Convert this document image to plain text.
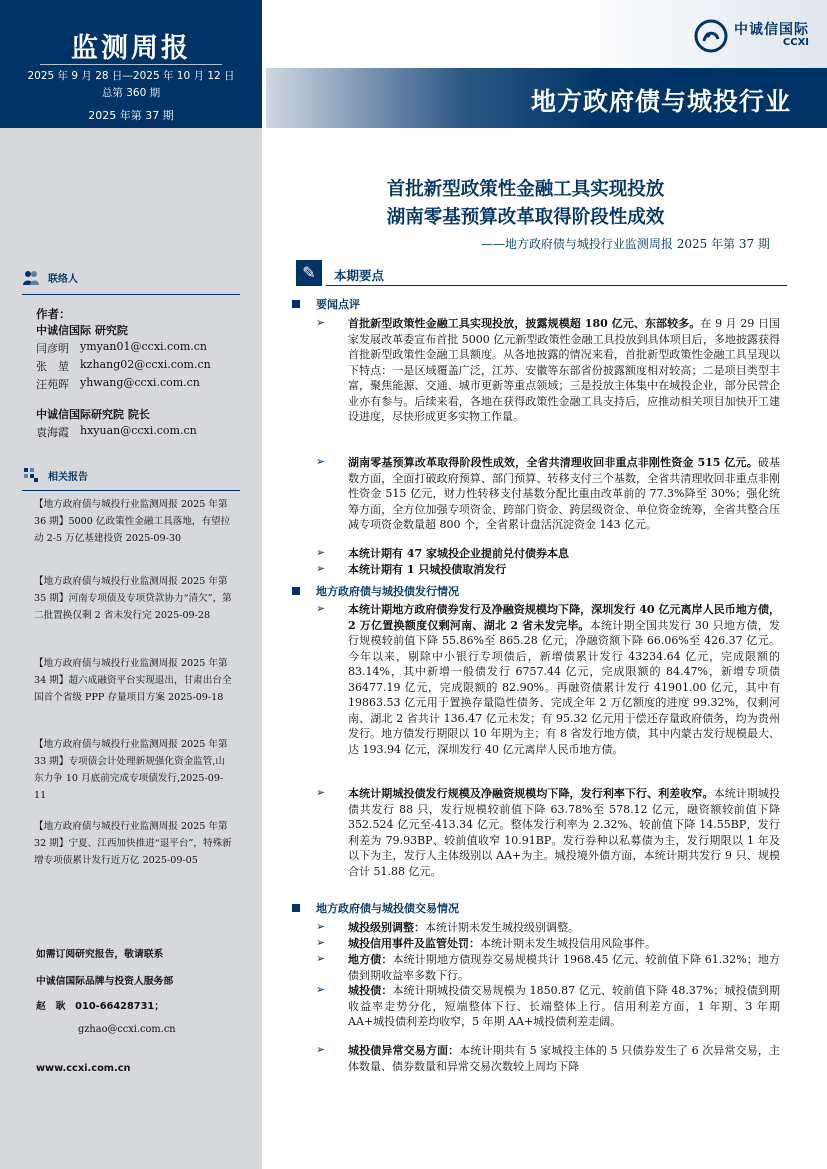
监测周报
2025 年 9 月 28 日—2025 年 10 月 12 日
总第 360 期
2025 年第 37 期	地方政府债与城投行业
中诚信国际
CCXI
联络人
作者：
中诚信国际 研究院
闫彦明	ymyan01@ccxi.com.cn
张　堃	kzhang02@ccxi.com.cn
汪苑晖	yhwang@ccxi.com.cn
中诚信国际研究院 院长
袁海霞	hxyuan@ccxi.com.cn
相关报告
【地方政府债与城投行业监测周报 2025 年第 36 期】5000 亿政策性金融工具落地，有望拉动 2-5 万亿基建投资 2025-09-30
【地方政府债与城投行业监测周报 2025 年第 35 期】河南专项债及专项贷款协力“清欠”，第二批置换仅剩 2 省未发行完 2025-09-28
【地方政府债与城投行业监测周报 2025 年第 34 期】超六成融资平台实现退出，甘肃出台全国首个省级 PPP 存量项目方案 2025-09-18
【地方政府债与城投行业监测周报 2025 年第 33 期】专项债会计处理新规强化资金监管,山东力争 10 月底前完成专项债发行,2025-09-11
【地方政府债与城投行业监测周报 2025 年第 32 期】宁夏、江西加快推进“退平台”，特殊新增专项债累计发行近万亿 2025-09-05
如需订阅研究报告，敬请联系
中诚信国际品牌与投资人服务部
赵　耿　010-66428731；
gzhao@ccxi.com.cn
www.ccxi.com.cn
首批新型政策性金融工具实现投放
湖南零基预算改革取得阶段性成效
——地方政府债与城投行业监测周报 2025 年第 37 期
✎	本期要点
要闻点评
➢ 首批新型政策性金融工具实现投放，披露规模超 180 亿元、东部较多。在 9 月 29 日国家发展改革委宣布首批 5000 亿元新型政策性金融工具投放到具体项目后，多地披露获得首批新型政策性金融工具额度。从各地披露的情况来看，首批新型政策性金融工具呈现以下特点：一是区域覆盖广泛，江苏、安徽等东部省份披露额度相对较高；二是项目类型丰富，聚焦能源、交通、城市更新等重点领域；三是投放主体集中在城投企业，部分民营企业亦有参与。后续来看，各地在获得政策性金融工具支持后，应推动相关项目加快开工建设进度，尽快形成更多实物工作量。
➢ 湖南零基预算改革取得阶段性成效，全省共清理收回非重点非刚性资金 515 亿元。破基数方面，全面打破政府预算、部门预算、转移支付三个基数，全省共清理收回非重点非刚性资金 515 亿元，财力性转移支付基数分配比重由改革前的 77.3%降至 30%；强化统筹方面，全方位加强专项资金、跨部门资金、跨层级资金、单位资金统筹，全省共整合压减专项资金数量超 800 个，全省累计盘活沉淀资金 143 亿元。
➢ 本统计期有 47 家城投企业提前兑付债券本息
➢ 本统计期有 1 只城投债取消发行
地方政府债与城投债发行情况
➢ 本统计期地方政府债券发行及净融资规模均下降，深圳发行 40 亿元离岸人民币地方债，2 万亿置换额度仅剩河南、湖北 2 省未发完毕。本统计期全国共发行 30 只地方债，发行规模较前值下降 55.86%至 865.28 亿元，净融资额下降 66.06%至 426.37 亿元。今年以来，剔除中小银行专项债后，新增债累计发行 43234.64 亿元，完成限额的 83.14%，其中新增一般债发行 6757.44 亿元，完成限额的 84.47%，新增专项债 36477.19 亿元，完成限额的 82.90%。再融资债累计发行 41901.00 亿元，其中有 19863.53 亿元用于置换存量隐性债务、完成全年 2 万亿额度的进度 99.32%，仅剩河南、湖北 2 省共计 136.47 亿元未发；有 95.32 亿元用于偿还存量政府债务，均为贵州发行。地方债发行期限以 10 年期为主；有 8 省发行地方债，其中内蒙古发行规模最大、达 193.94 亿元，深圳发行 40 亿元离岸人民币地方债。
➢ 本统计期城投债发行规模及净融资规模均下降，发行利率下行、利差收窄。本统计期城投债共发行 88 只，发行规模较前值下降 63.78%至 578.12 亿元，融资额较前值下降 352.524 亿元至-413.34 亿元。整体发行利率为 2.32%、较前值下降 14.55BP，发行利差为 79.93BP、较前值收窄 10.91BP。发行券种以私募债为主，发行期限以 1 年及以下为主，发行人主体级别以 AA+为主。城投境外债方面，本统计期共发行 9 只、规模合计 51.88 亿元。
地方政府债与城投债交易情况
➢ 城投级别调整：本统计期未发生城投级别调整。
➢ 城投信用事件及监管处罚：本统计期未发生城投信用风险事件。
➢ 地方债：本统计期地方债现券交易规模共计 1968.45 亿元、较前值下降 61.32%；地方债到期收益率多数下行。
➢ 城投债：本统计期城投债交易规模为 1850.87 亿元、较前值下降 48.37%；城投债到期收益率走势分化，短端整体下行、长端整体上行。信用利差方面，1 年期、3 年期 AA+城投债利差均收窄，5 年期 AA+城投债利差走阔。
➢ 城投债异常交易方面：本统计期共有 5 家城投主体的 5 只债券发生了 6 次异常交易，主体数量、债券数量和异常交易次数较上周均下降
